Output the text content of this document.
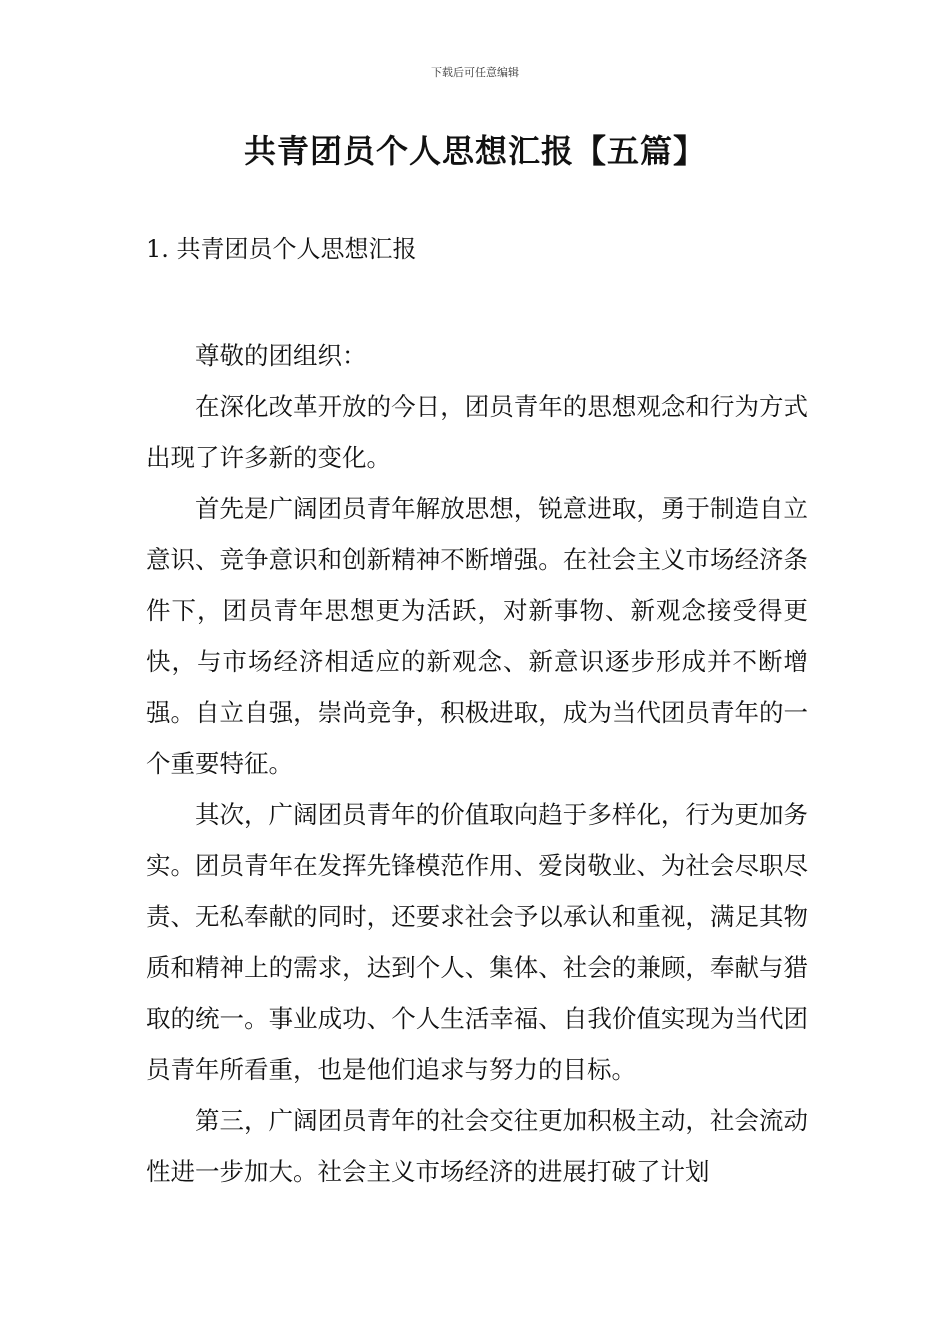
下载后可任意编辑
共青团员个人思想汇报【五篇】
1. 共青团员个人思想汇报

尊敬的团组织：

在深化改革开放的今日，团员青年的思想观念和行为方式出现了许多新的变化。

首先是广阔团员青年解放思想，锐意进取，勇于制造自立意识、竞争意识和创新精神不断增强。在社会主义市场经济条件下，团员青年思想更为活跃，对新事物、新观念接受得更快，与市场经济相适应的新观念、新意识逐步形成并不断增强。自立自强，崇尚竞争，积极进取，成为当代团员青年的一个重要特征。

其次，广阔团员青年的价值取向趋于多样化，行为更加务实。团员青年在发挥先锋模范作用、爱岗敬业、为社会尽职尽责、无私奉献的同时，还要求社会予以承认和重视，满足其物质和精神上的需求，达到个人、集体、社会的兼顾，奉献与猎取的统一。事业成功、个人生活幸福、自我价值实现为当代团员青年所看重，也是他们追求与努力的目标。

第三，广阔团员青年的社会交往更加积极主动，社会流动性进一步加大。社会主义市场经济的进展打破了计划
